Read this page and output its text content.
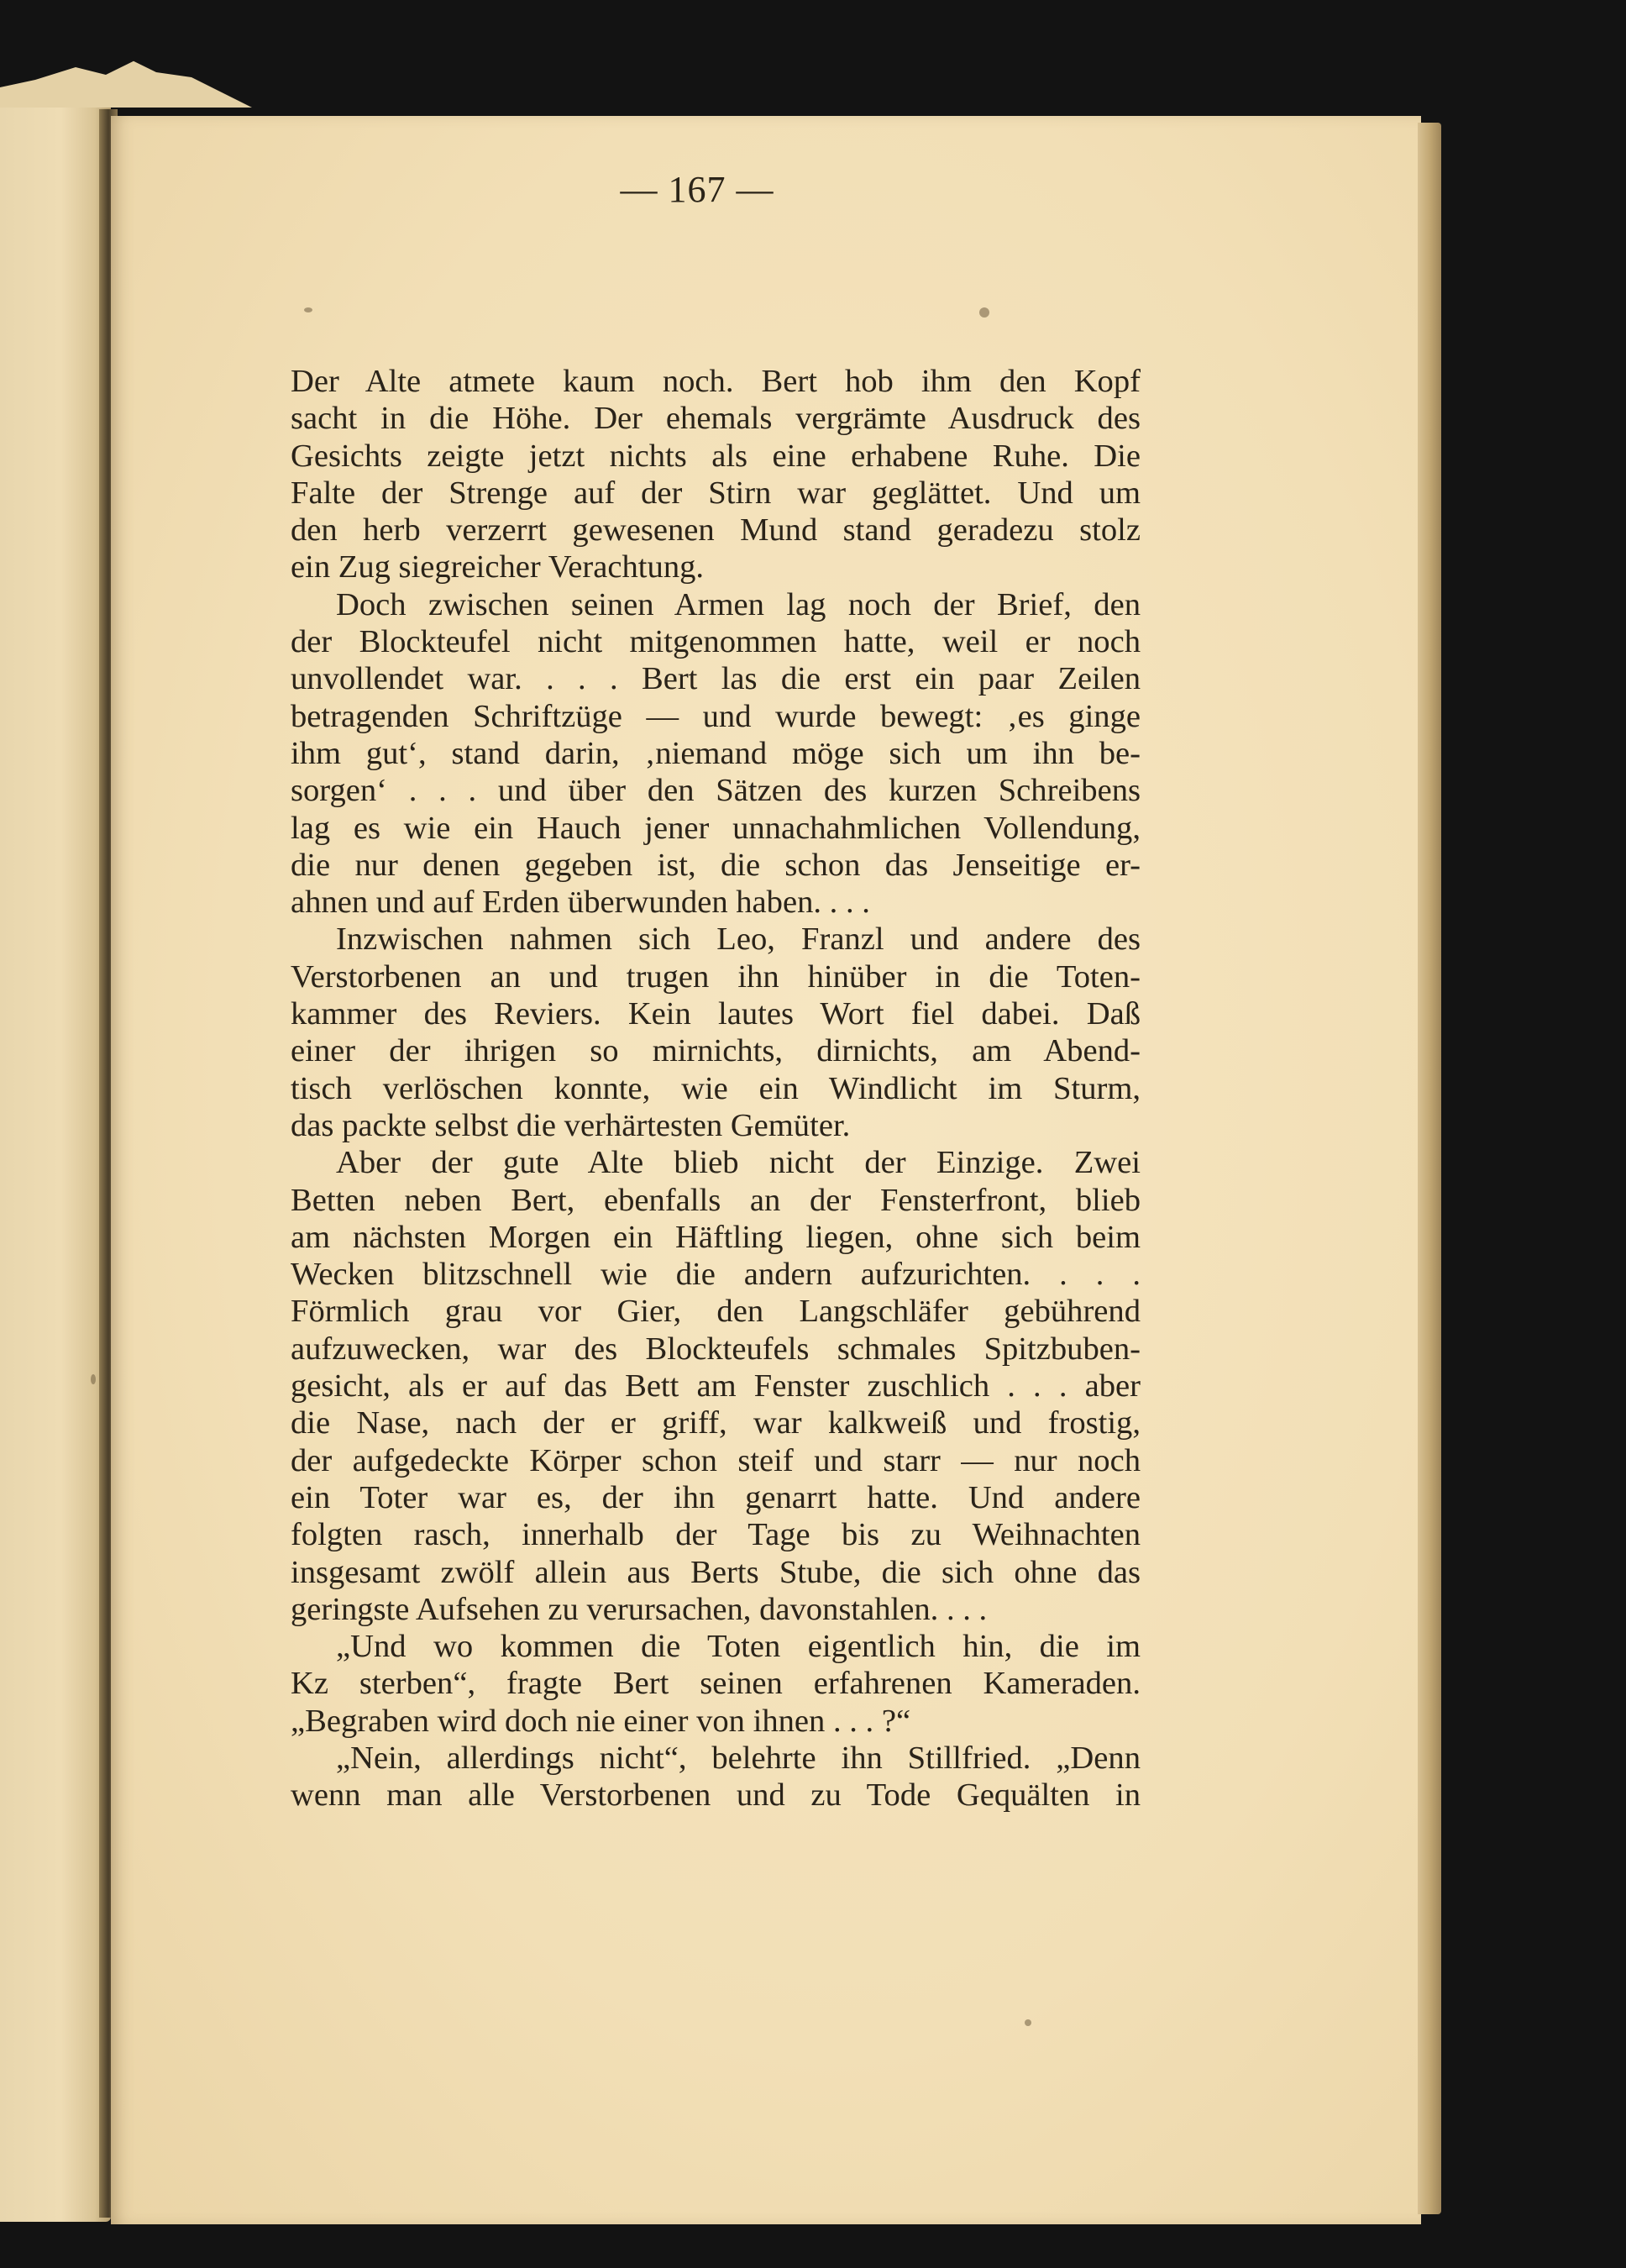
— 167 —
Der Alte atmete kaum noch. Bert hob ihm den Kopf
sacht in die Höhe. Der ehemals vergrämte Ausdruck des
Gesichts zeigte jetzt nichts als eine erhabene Ruhe. Die
Falte der Strenge auf der Stirn war geglättet. Und um
den herb verzerrt gewesenen Mund stand geradezu stolz
ein Zug siegreicher Verachtung.
Doch zwischen seinen Armen lag noch der Brief, den
der Blockteufel nicht mitgenommen hatte, weil er noch
unvollendet war. . . . Bert las die erst ein paar Zeilen
betragenden Schriftzüge — und wurde bewegt: ‚es ginge
ihm gut‘, stand darin, ‚niemand möge sich um ihn be-
sorgen‘ . . . und über den Sätzen des kurzen Schreibens
lag es wie ein Hauch jener unnachahmlichen Vollendung,
die nur denen gegeben ist, die schon das Jenseitige er-
ahnen und auf Erden überwunden haben. . . .
Inzwischen nahmen sich Leo, Franzl und andere des
Verstorbenen an und trugen ihn hinüber in die Toten-
kammer des Reviers. Kein lautes Wort fiel dabei. Daß
einer der ihrigen so mirnichts, dirnichts, am Abend-
tisch verlöschen konnte, wie ein Windlicht im Sturm,
das packte selbst die verhärtesten Gemüter.
Aber der gute Alte blieb nicht der Einzige. Zwei
Betten neben Bert, ebenfalls an der Fensterfront, blieb
am nächsten Morgen ein Häftling liegen, ohne sich beim
Wecken blitzschnell wie die andern aufzurichten. . . .
Förmlich grau vor Gier, den Langschläfer gebührend
aufzuwecken, war des Blockteufels schmales Spitzbuben-
gesicht, als er auf das Bett am Fenster zuschlich . . . aber
die Nase, nach der er griff, war kalkweiß und frostig,
der aufgedeckte Körper schon steif und starr — nur noch
ein Toter war es, der ihn genarrt hatte. Und andere
folgten rasch, innerhalb der Tage bis zu Weihnachten
insgesamt zwölf allein aus Berts Stube, die sich ohne das
geringste Aufsehen zu verursachen, davonstahlen. . . .
„Und wo kommen die Toten eigentlich hin, die im
Kz sterben“, fragte Bert seinen erfahrenen Kameraden.
„Begraben wird doch nie einer von ihnen . . . ?“
„Nein, allerdings nicht“, belehrte ihn Stillfried. „Denn
wenn man alle Verstorbenen und zu Tode Gequälten in
